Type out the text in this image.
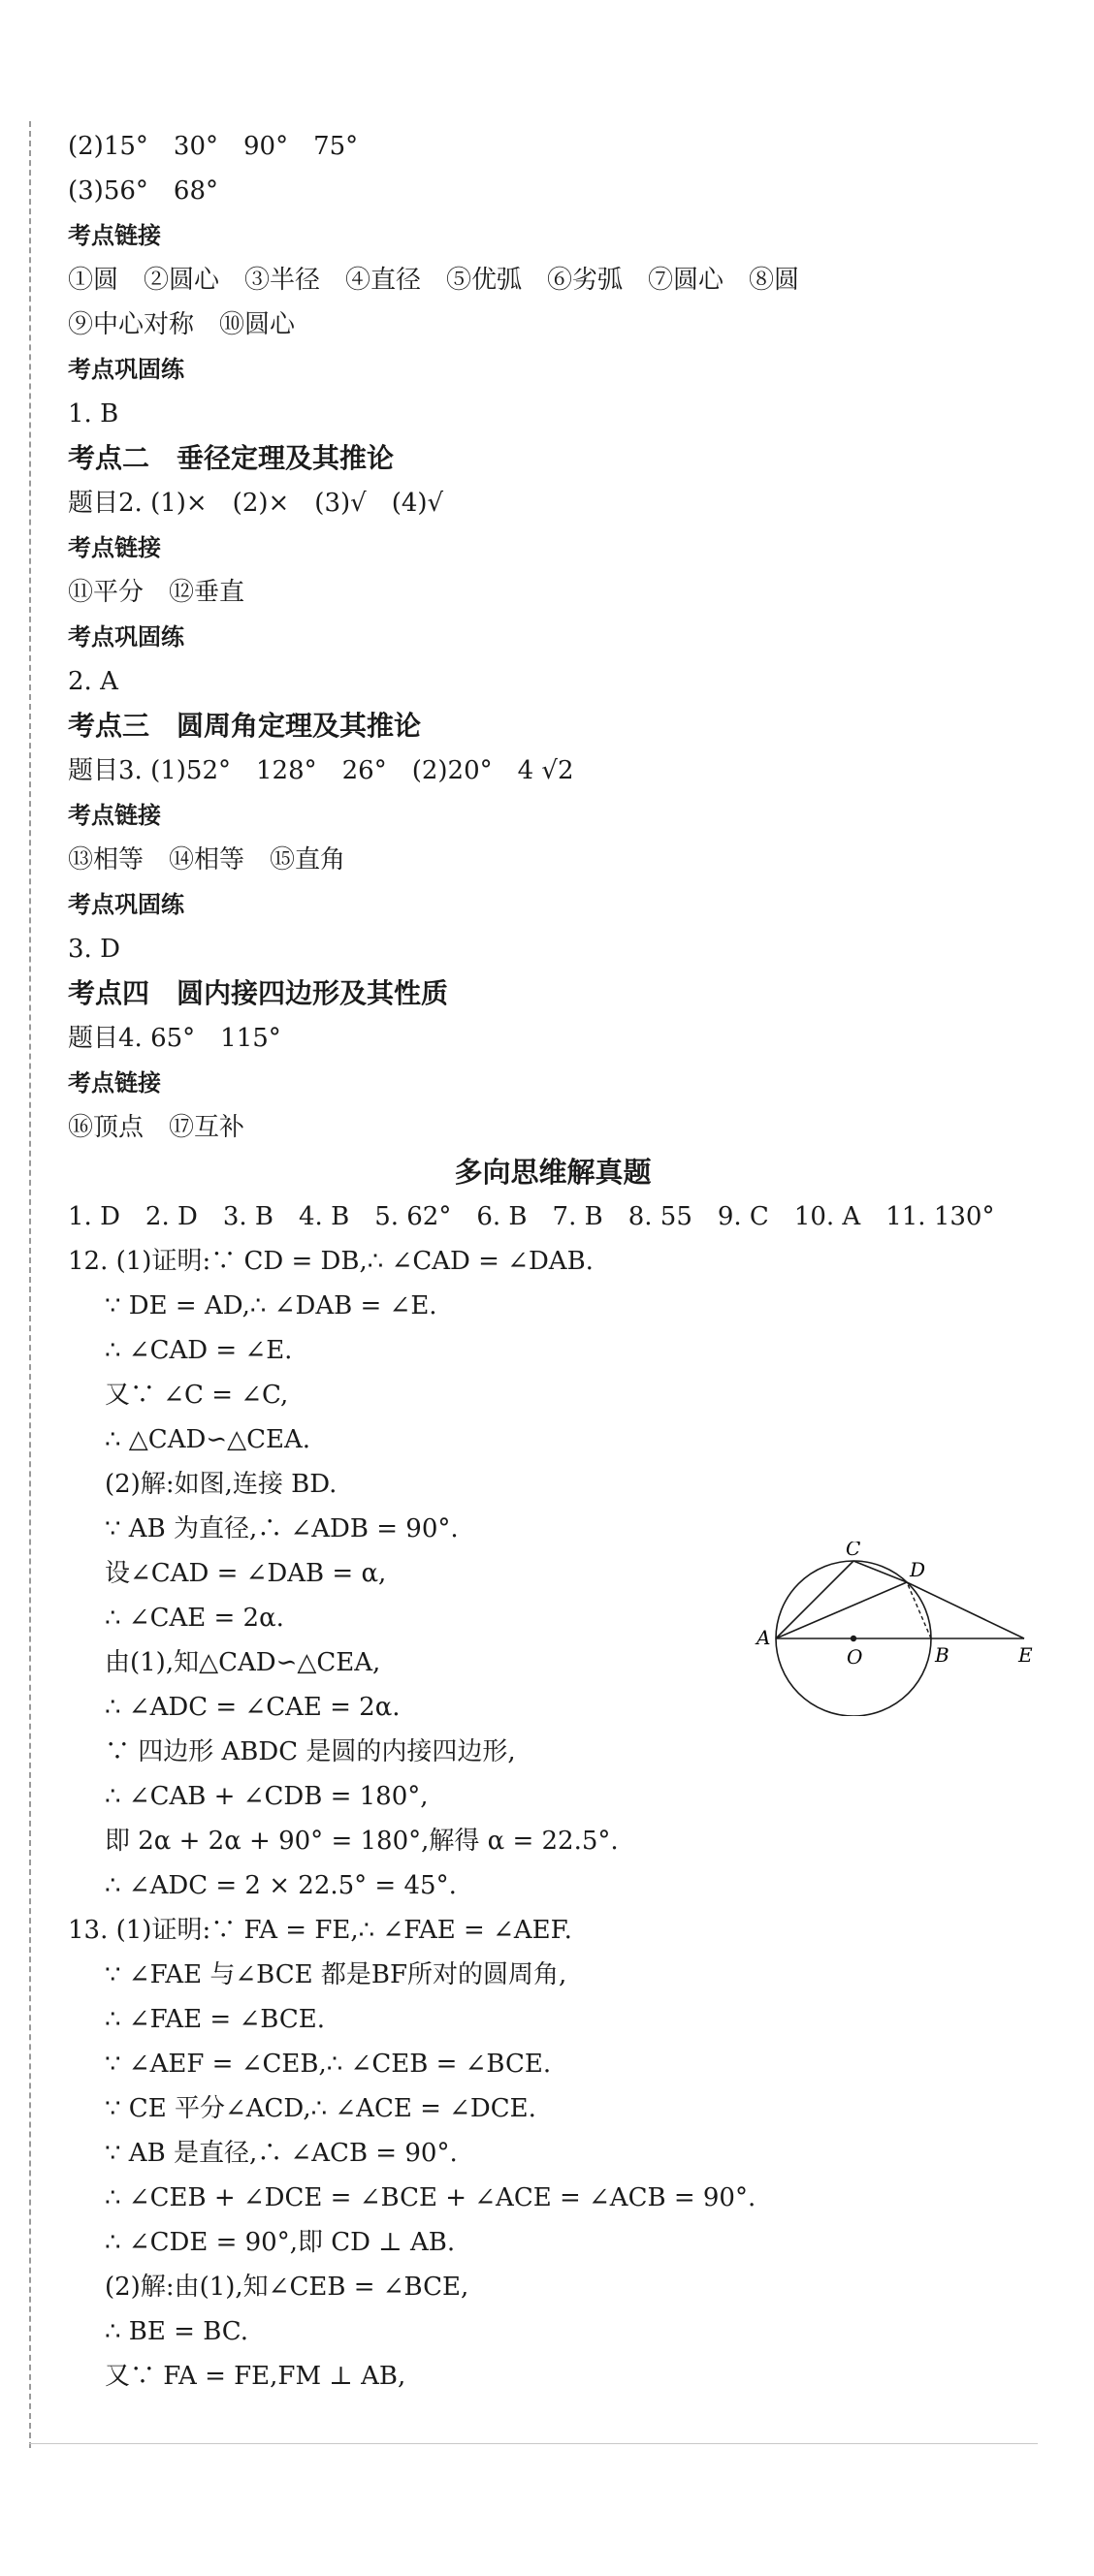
(2)15°　30°　90°　75°
(3)56°　68°
考点链接
①圆　②圆心　③半径　④直径　⑤优弧　⑥劣弧　⑦圆心　⑧圆
⑨中心对称　⑩圆心
考点巩固练
1. B
考点二　垂径定理及其推论
题目2. (1)×　(2)×　(3)√　(4)√
考点链接
⑪平分　⑫垂直
考点巩固练
2. A
考点三　圆周角定理及其推论
题目3. (1)52°　128°　26°　(2)20°　4 √2
考点链接
⑬相等　⑭相等　⑮直角
考点巩固练
3. D
考点四　圆内接四边形及其性质
题目4. 65°　115°
考点链接
⑯顶点　⑰互补
多向思维解真题
1. D　2. D　3. B　4. B　5. 62°　6. B　7. B　8. 55　9. C　10. A　11. 130°
12. (1)证明:∵ CD = DB,∴ ∠CAD = ∠DAB.
∵ DE = AD,∴ ∠DAB = ∠E.
∴ ∠CAD = ∠E.
又∵ ∠C = ∠C,
∴ △CAD∽△CEA.
(2)解:如图,连接 BD.
∵ AB 为直径,∴ ∠ADB = 90°.
设∠CAD = ∠DAB = α,
∴ ∠CAE = 2α.
由(1),知△CAD∽△CEA,
∴ ∠ADC = ∠CAE = 2α.
∵ 四边形 ABDC 是圆的内接四边形,
∴ ∠CAB + ∠CDB = 180°,
即 2α + 2α + 90° = 180°,解得 α = 22.5°.
∴ ∠ADC = 2 × 22.5° = 45°.
13. (1)证明:∵ FA = FE,∴ ∠FAE = ∠AEF.
∵ ∠FAE 与∠BCE 都是BF所对的圆周角,
∴ ∠FAE = ∠BCE.
∵ ∠AEF = ∠CEB,∴ ∠CEB = ∠BCE.
∵ CE 平分∠ACD,∴ ∠ACE = ∠DCE.
∵ AB 是直径,∴ ∠ACB = 90°.
∴ ∠CEB + ∠DCE = ∠BCE + ∠ACE = ∠ACB = 90°.
∴ ∠CDE = 90°,即 CD ⊥ AB.
(2)解:由(1),知∠CEB = ∠BCE,
∴ BE = BC.
又∵ FA = FE,FM ⊥ AB,
A
C
D
O	B	E
